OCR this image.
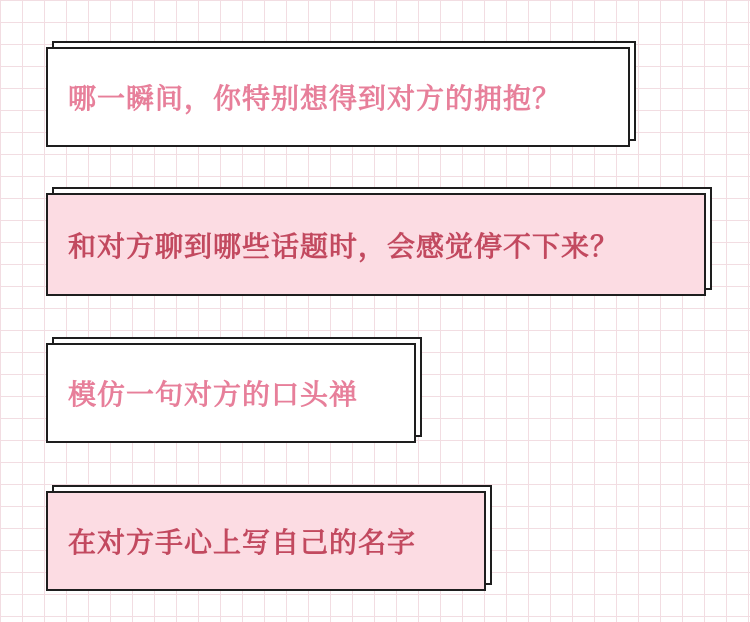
哪一瞬间，你特别想得到对方的拥抱？
和对方聊到哪些话题时，会感觉停不下来？
模仿一句对方的口头禅
在对方手心上写自己的名字
